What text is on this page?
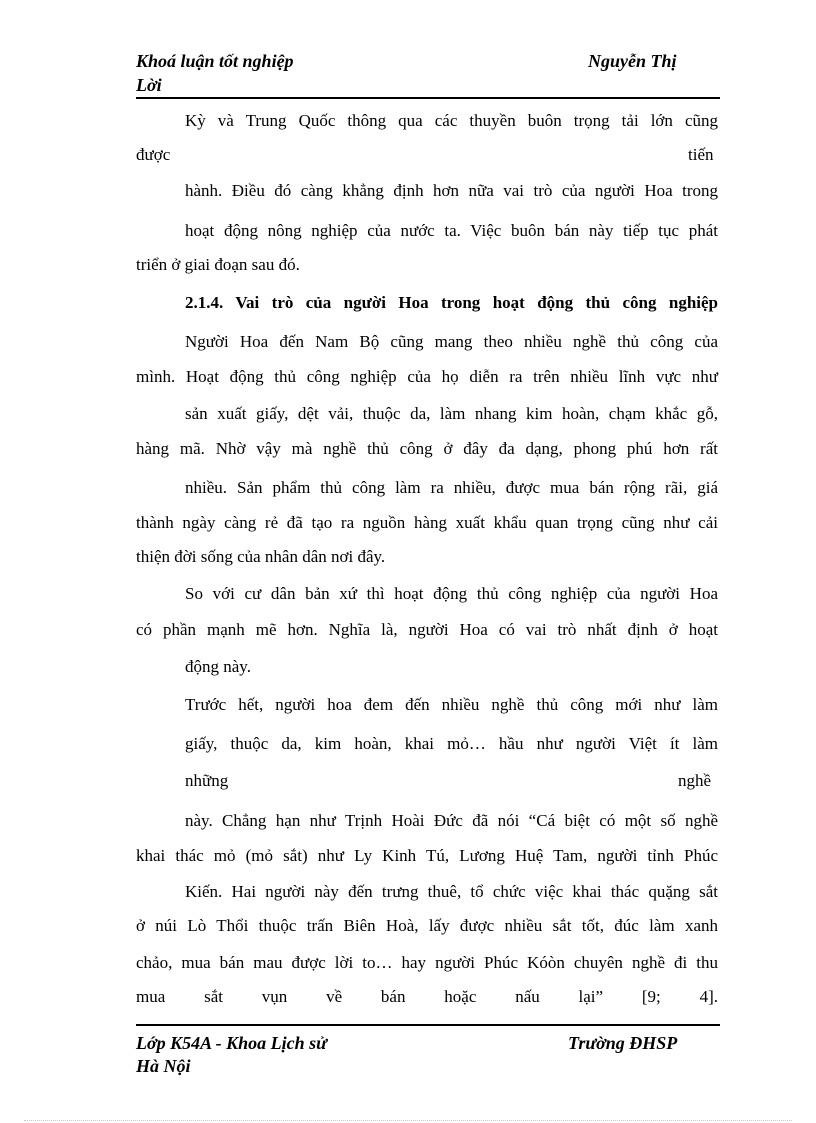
Khoá luận tốt nghiệp	Nguyễn Thị
Lời
Kỳ và Trung Quốc thông qua các thuyền buôn trọng tải lớn cũng
được	tiến
hành. Điều đó càng khẳng định hơn nữa vai trò của người Hoa trong
hoạt động nông nghiệp của nước ta. Việc buôn bán này tiếp tục phát
triển ở giai đoạn sau đó.
2.1.4. Vai trò của người Hoa trong hoạt động thủ công nghiệp
Người Hoa đến Nam Bộ cũng mang theo nhiều nghề thủ công của
mình. Hoạt động thủ công nghiệp của họ diễn ra trên nhiều lĩnh vực như
sản xuất giấy, dệt vải, thuộc da, làm nhang kim hoàn, chạm khắc gỗ,
hàng mã. Nhờ vậy mà nghề thủ công ở đây đa dạng, phong phú hơn rất
nhiều. Sản phẩm thủ công làm ra nhiều, được mua bán rộng rãi, giá
thành ngày càng rẻ đã tạo ra nguồn hàng xuất khẩu quan trọng cũng như cải
thiện đời sống của nhân dân nơi đây.
So với cư dân bản xứ thì hoạt động thủ công nghiệp của người Hoa
có phần mạnh mẽ hơn. Nghĩa là, người Hoa có vai trò nhất định ở hoạt
động này.
Trước hết, người hoa đem đến nhiều nghề thủ công mới như làm
giấy, thuộc da, kim hoàn, khai mỏ… hầu như người Việt ít làm
những	nghề
này. Chẳng hạn như Trịnh Hoài Đức đã nói “Cá biệt có một số nghề
khai thác mỏ (mỏ sắt) như Ly Kinh Tú, Lương Huệ Tam, người tỉnh Phúc
Kiến. Hai người này đến trưng thuê, tổ chức việc khai thác quặng sắt
ở núi Lò Thổi thuộc trấn Biên Hoà, lấy được nhiều sắt tốt, đúc làm xanh
chảo, mua bán mau được lời to… hay người Phúc Kóòn chuyên nghề đi thu
mua sắt vụn về bán hoặc nấu lại” [9; 4].
Lớp K54A - Khoa Lịch sử	Trường ĐHSP
Hà Nội
